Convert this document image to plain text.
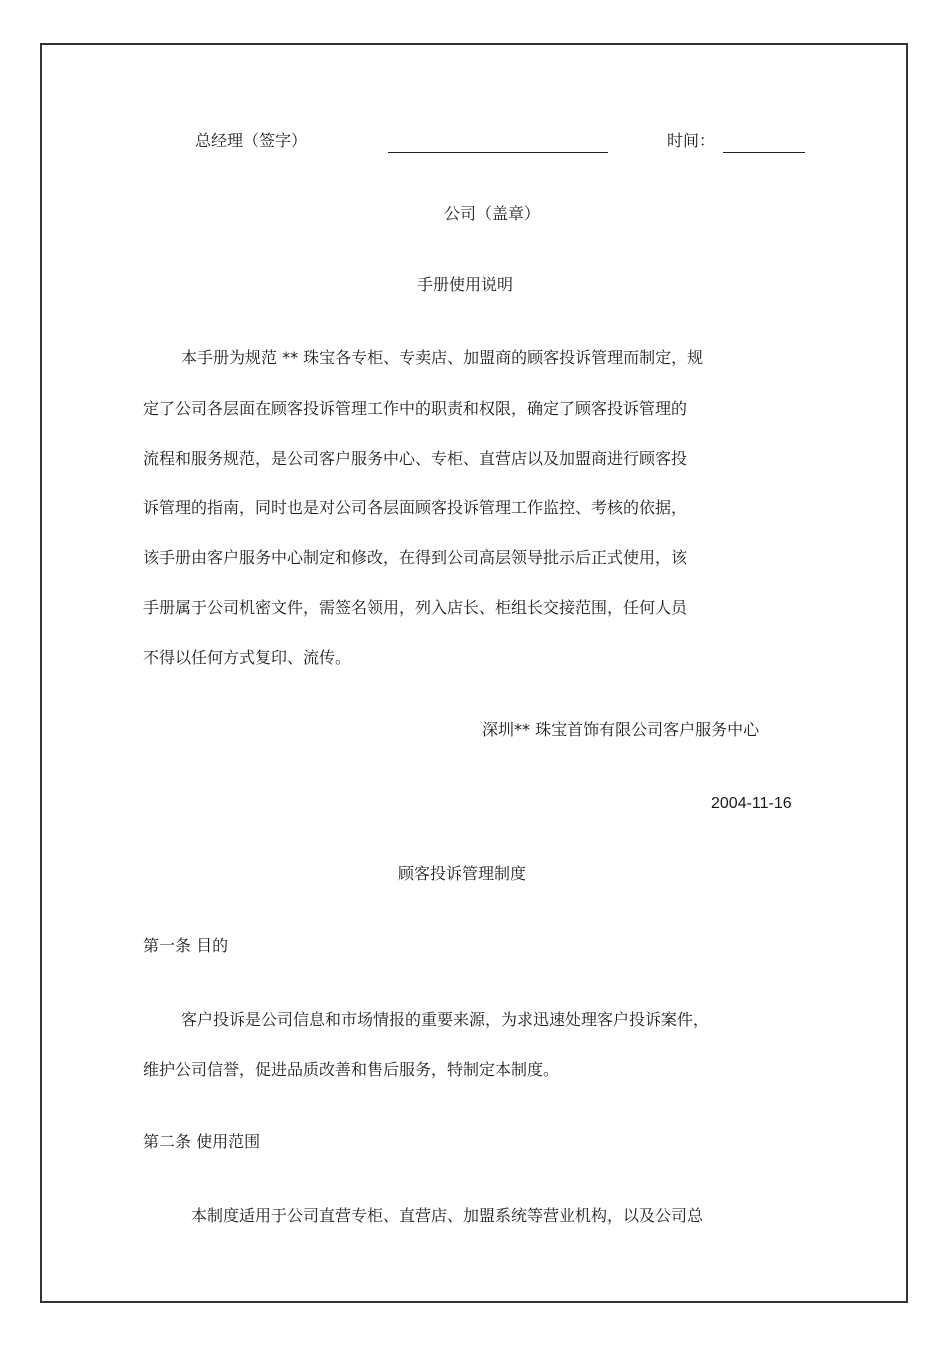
总经理（签字）	时间：
公司（盖章）
手册使用说明
本手册为规范 ** 珠宝各专柜、专卖店、加盟商的顾客投诉管理而制定，规
定了公司各层面在顾客投诉管理工作中的职责和权限，确定了顾客投诉管理的
流程和服务规范，是公司客户服务中心、专柜、直营店以及加盟商进行顾客投
诉管理的指南，同时也是对公司各层面顾客投诉管理工作监控、考核的依据，
该手册由客户服务中心制定和修改，在得到公司高层领导批示后正式使用，该
手册属于公司机密文件，需签名领用，列入店长、柜组长交接范围，任何人员
不得以任何方式复印、流传。
深圳** 珠宝首饰有限公司客户服务中心
2004-11-16
顾客投诉管理制度
第一条 目的
客户投诉是公司信息和市场情报的重要来源，为求迅速处理客户投诉案件，
维护公司信誉，促进品质改善和售后服务，特制定本制度。
第二条 使用范围
本制度适用于公司直营专柜、直营店、加盟系统等营业机构，以及公司总
